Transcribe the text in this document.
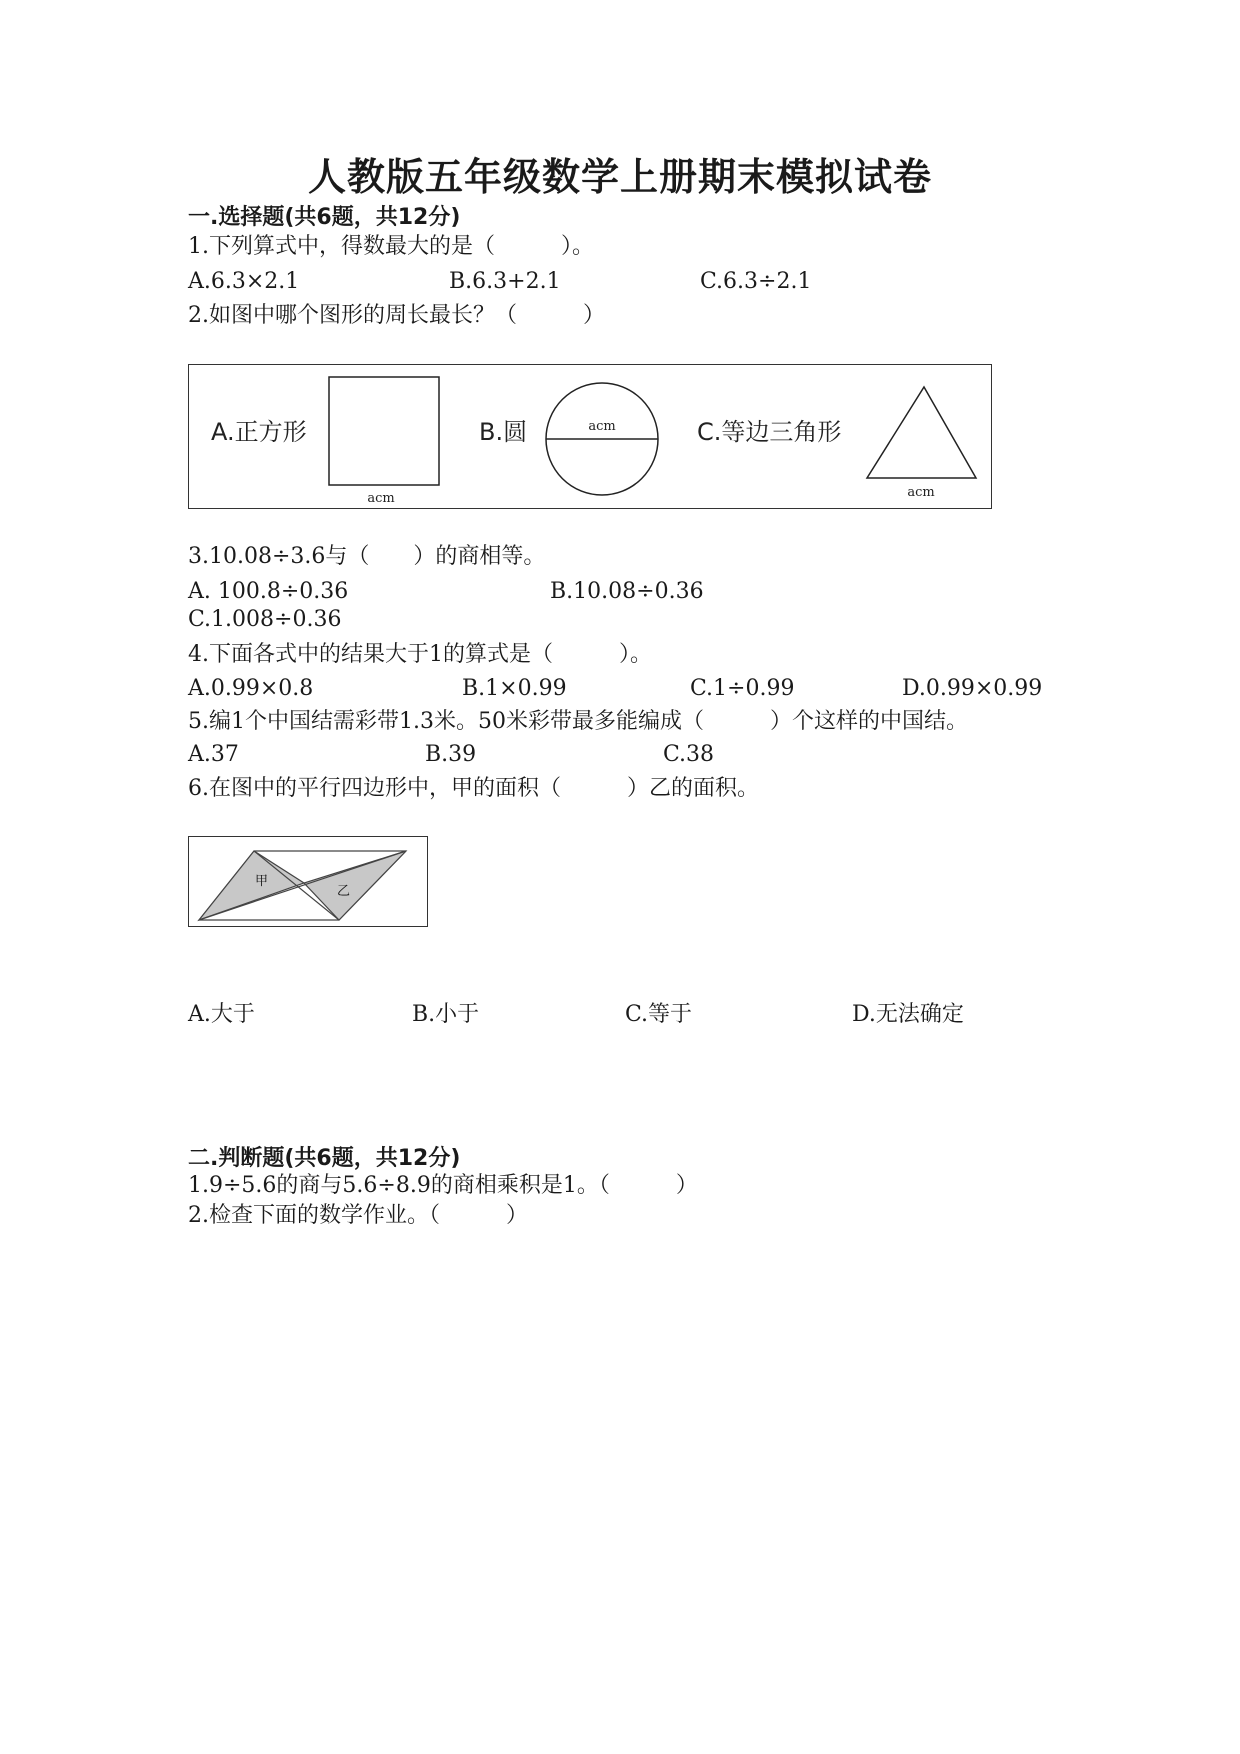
人教版五年级数学上册期末模拟试卷
一.选择题(共6题，共12分)
1.下列算式中，得数最大的是（　　　）。
A.6.3×2.1	B.6.3+2.1	C.6.3÷2.1
2.如图中哪个图形的周长最长？（　　　）
A.正方形
acm
B.圆	acm	C.等边三角形
acm
3.10.08÷3.6与（　　）的商相等。
A. 100.8÷0.36	B.10.08÷0.36
C.1.008÷0.36
4.下面各式中的结果大于1的算式是（　　　）。
A.0.99×0.8	B.1×0.99	C.1÷0.99	D.0.99×0.99
5.编1个中国结需彩带1.3米。50米彩带最多能编成（　　　）个这样的中国结。
A.37	B.39	C.38
6.在图中的平行四边形中，甲的面积（　　　）乙的面积。
甲
乙
A.大于	B.小于	C.等于	D.无法确定
二.判断题(共6题，共12分)
1.9÷5.6的商与5.6÷8.9的商相乘积是1。（　　　）
2.检查下面的数学作业。（　　　）
